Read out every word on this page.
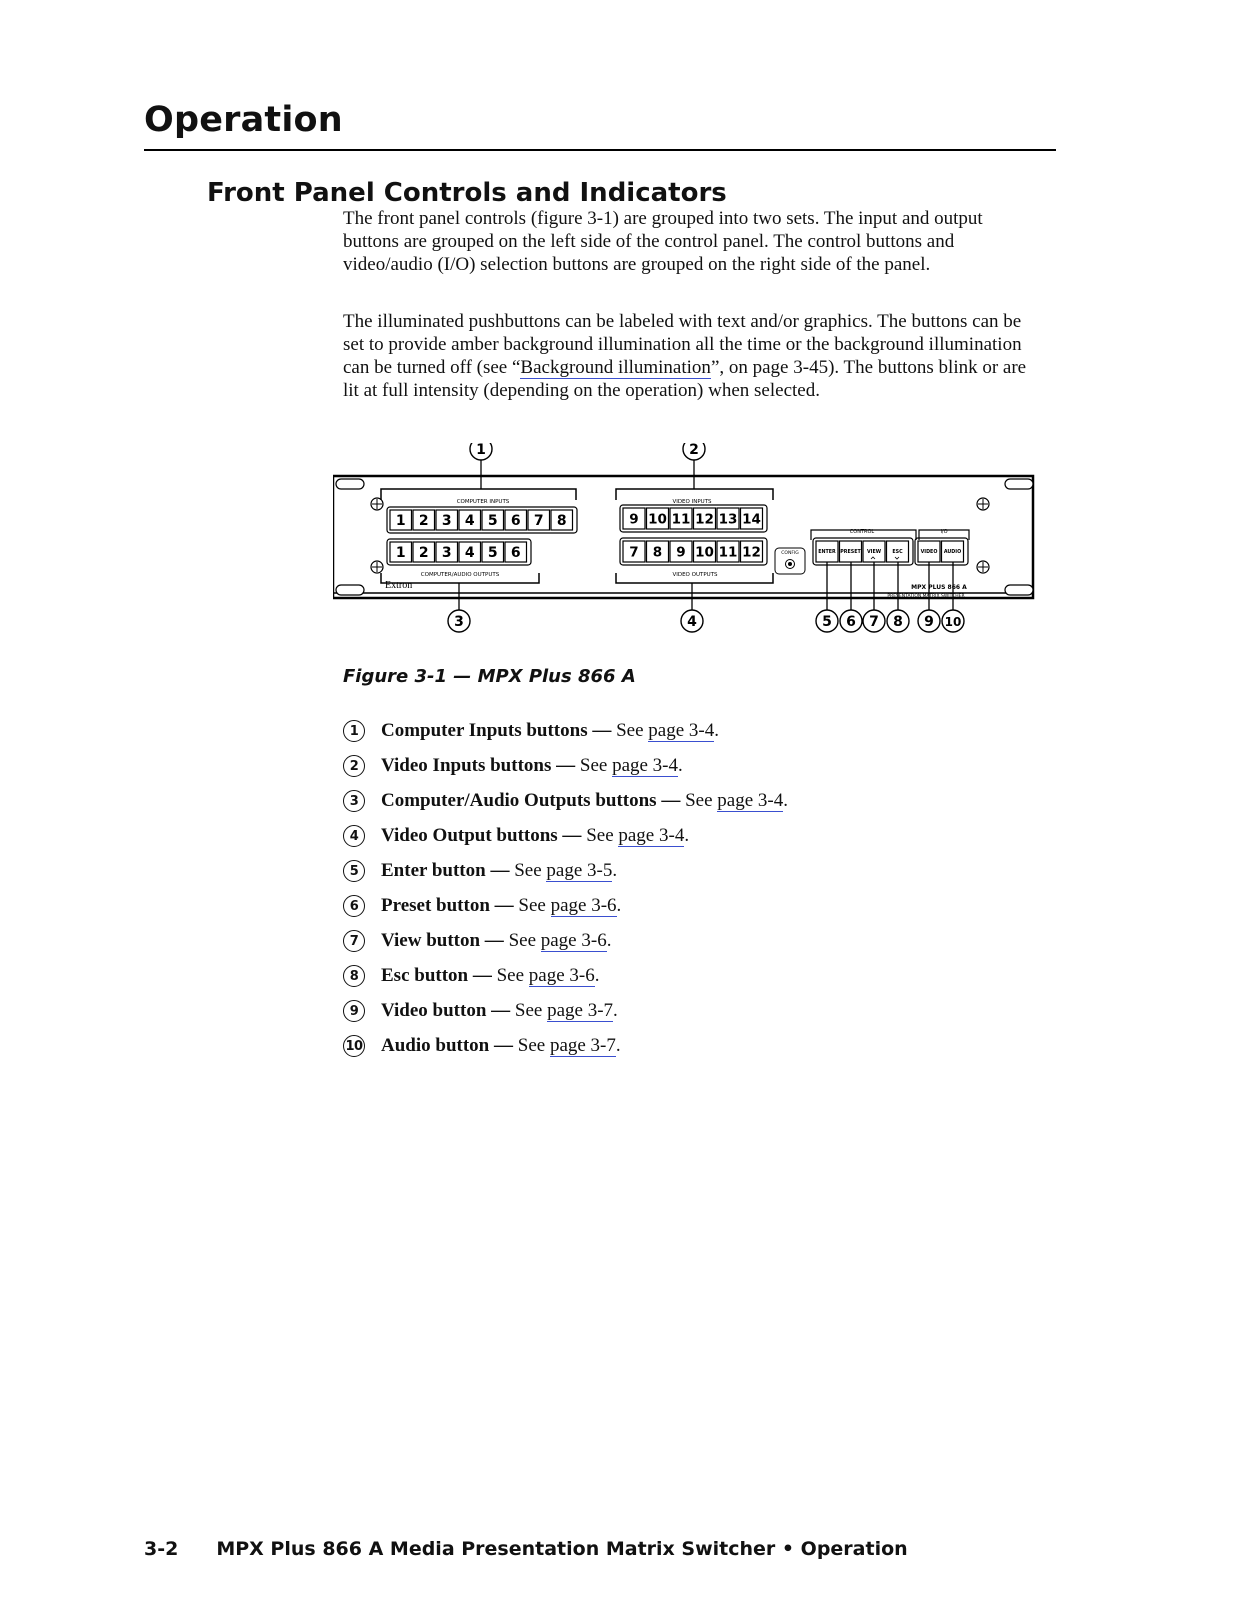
Operation
Front Panel Controls and Indicators

The front panel controls (figure 3-1) are grouped into two sets. The input and output buttons are grouped on the left side of the control panel. The control buttons and video/audio (I/O) selection buttons are grouped on the right side of the panel.

The illuminated pushbuttons can be labeled with text and/or graphics. The buttons can be set to provide amber background illumination all the time or the background illumination can be turned off (see “Background illumination”, on page 3-45). The buttons blink or are lit at full intensity (depending on the operation) when selected.

COMPUTER INPUTS	VIDEO INPUTS
COMPUTER/AUDIO OUTPUTS	VIDEO OUTPUTS
CONTROL	I/O
CONFIG
Extron	MPX PLUS 866 A
PRESENTATION MATRIX SWITCHER
1 2 3 4 5 6 7 8	9 10 11 12 13 14
1 2 3 4 5 6	7 8 9 10 11 12	ENTER PRESET VIEW ESC	VIDEO AUDIO
1	2
3	4	5 6 7 8 9 10

Figure 3-1 — MPX Plus 866 A

1	Computer Inputs buttons — See page 3-4.
2	Video Inputs buttons — See page 3-4.
3	Computer/Audio Outputs buttons — See page 3-4.
4	Video Output buttons — See page 3-4.
5	Enter button — See page 3-5.
6	Preset button — See page 3-6.
7	View button — See page 3-6.
8	Esc button — See page 3-6.
9	Video button — See page 3-7.
10 Audio button — See page 3-7.

3-2 MPX Plus 866 A Media Presentation Matrix Switcher • Operation
